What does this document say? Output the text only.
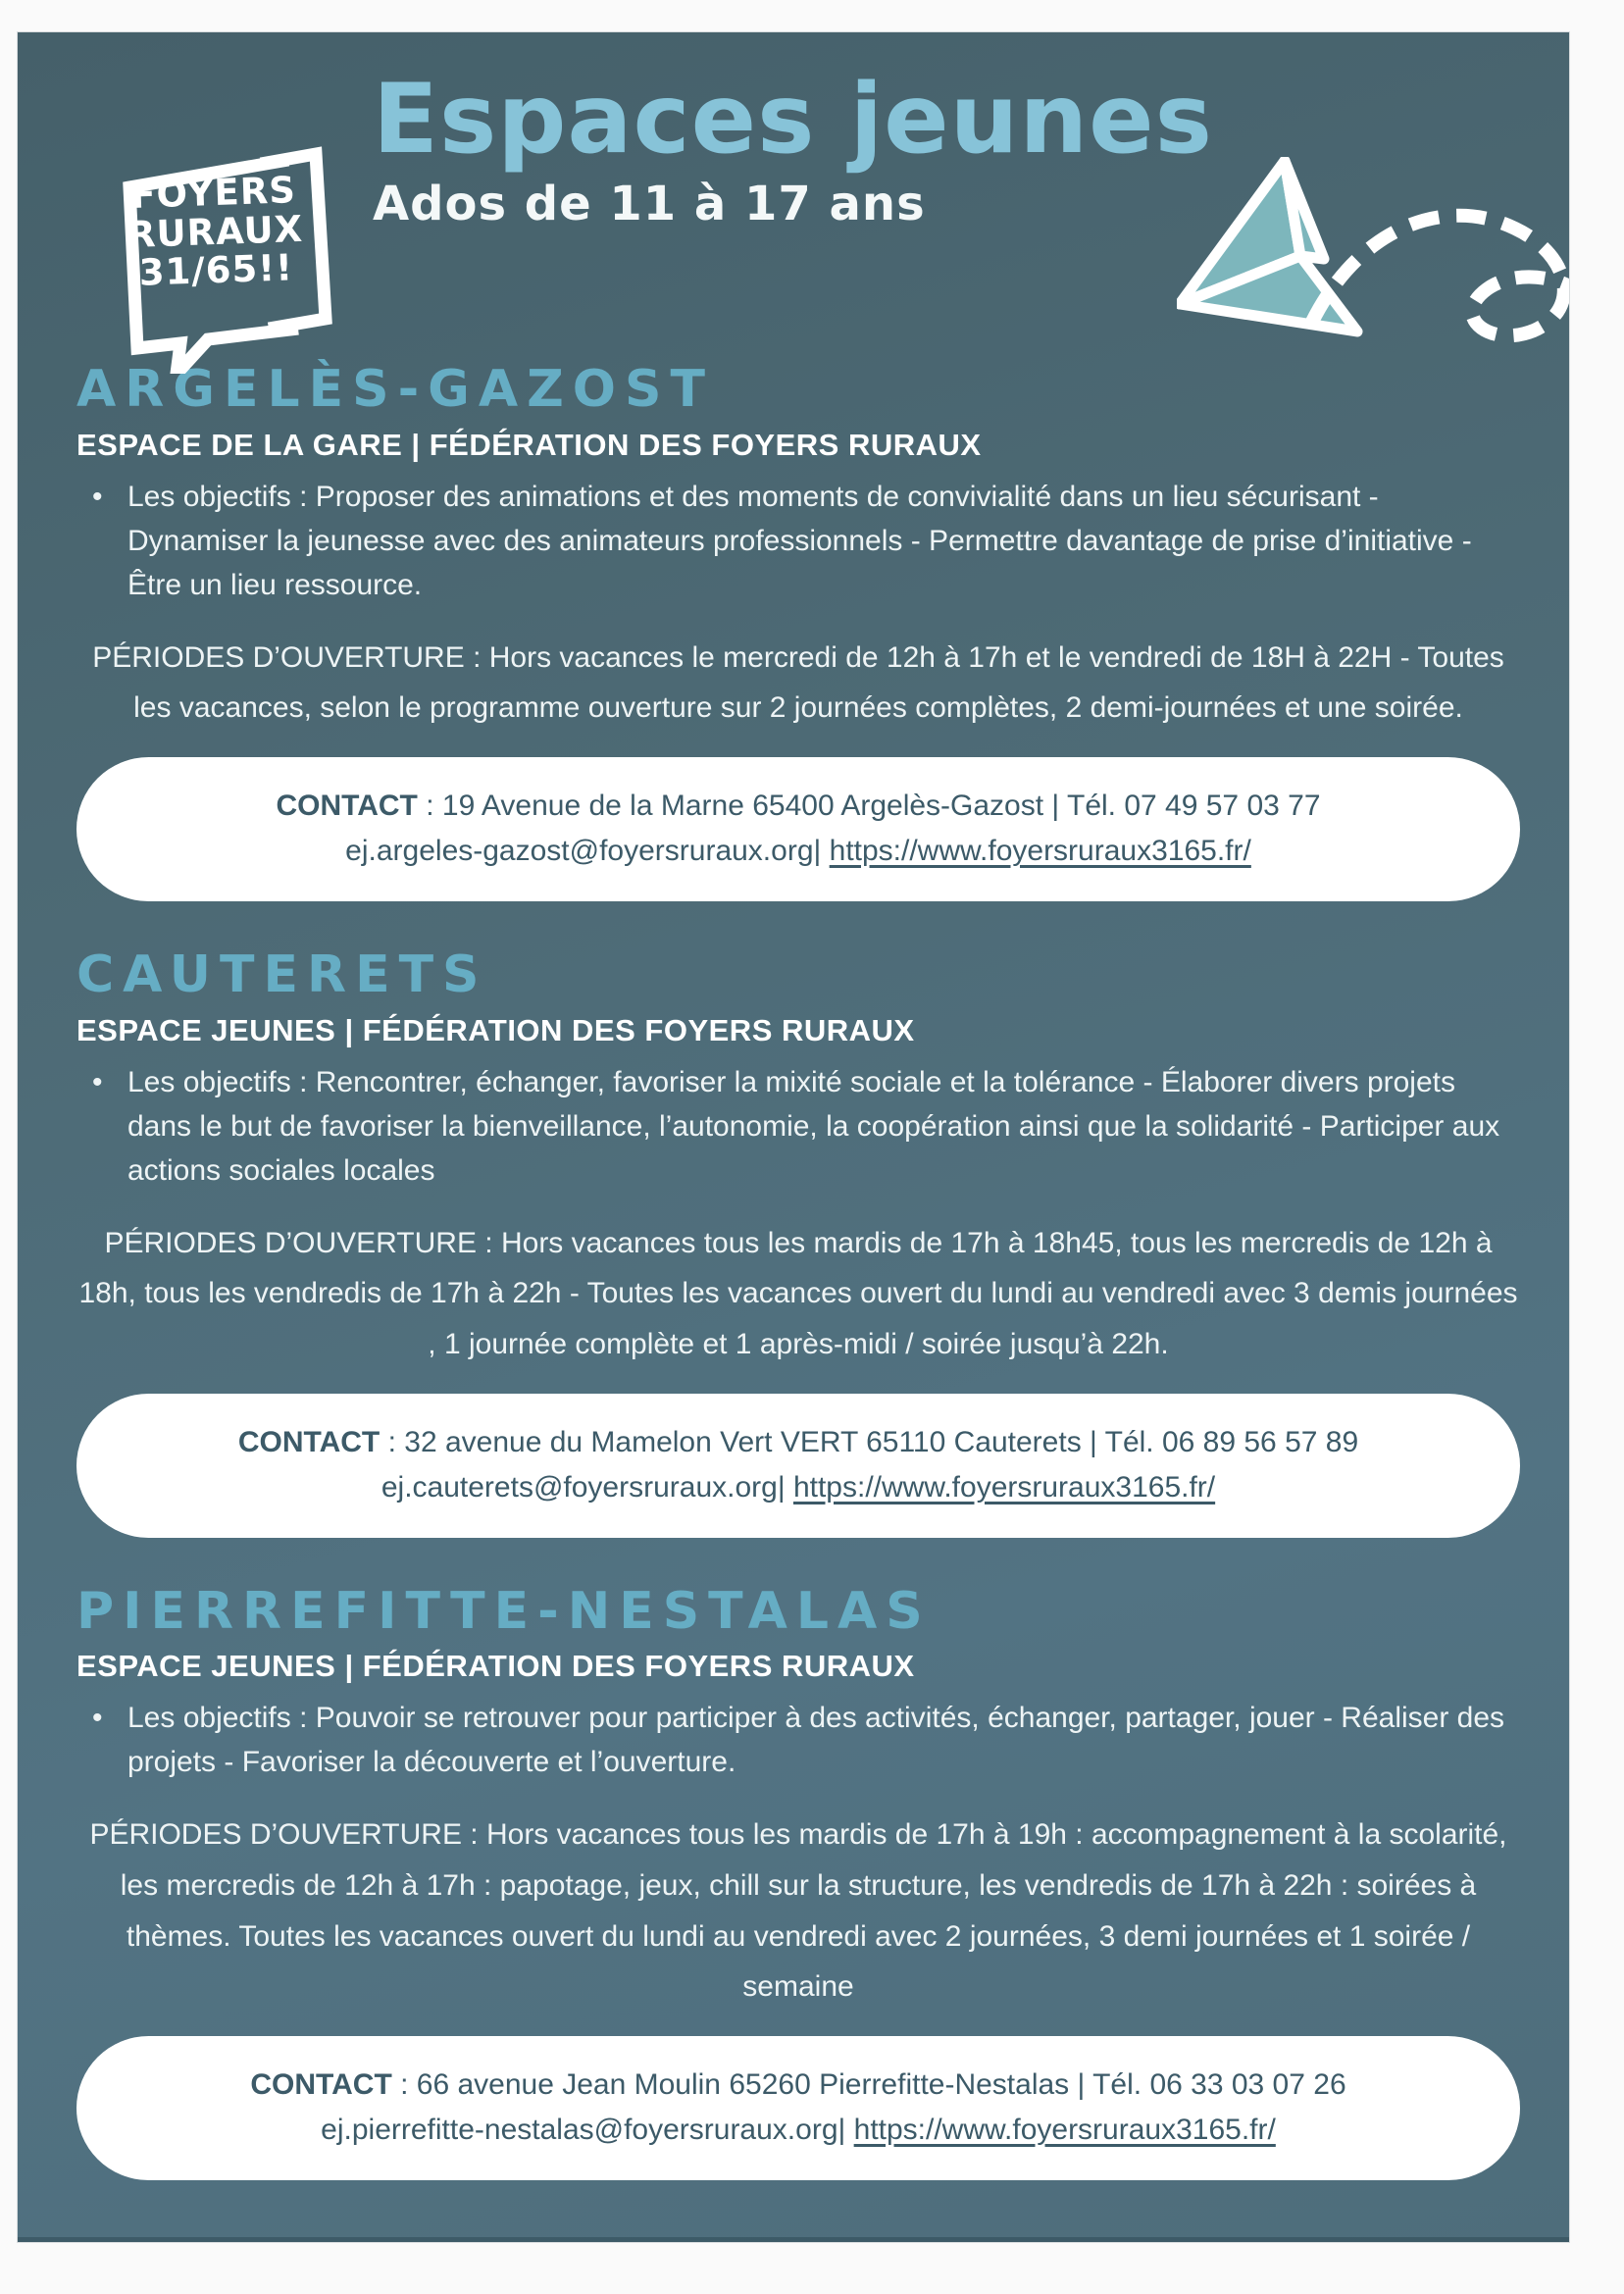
FOYERS
RURAUX
31/65!!
Espaces jeunes
Ados de 11 à 17 ans
ARGELÈS-GAZOST
ESPACE DE LA GARE | FÉDÉRATION DES FOYERS RURAUX
• Les objectifs : Proposer des animations et des moments de convivialité dans un lieu sécurisant - Dynamiser la jeunesse avec des animateurs professionnels - Permettre davantage de prise d’initiative - Être un lieu ressource.

PÉRIODES D’OUVERTURE : Hors vacances le mercredi de 12h à 17h et le vendredi de 18H à 22H - Toutes les vacances, selon le programme ouverture sur 2 journées complètes, 2 demi-journées et une soirée.

CONTACT : 19 Avenue de la Marne 65400 Argelès-Gazost | Tél. 07 49 57 03 77
ej.argeles-gazost@foyersruraux.org| https://www.foyersruraux3165.fr/
CAUTERETS
ESPACE JEUNES | FÉDÉRATION DES FOYERS RURAUX
• Les objectifs : Rencontrer, échanger, favoriser la mixité sociale et la tolérance - Élaborer divers projets dans le but de favoriser la bienveillance, l’autonomie, la coopération ainsi que la solidarité - Participer aux actions sociales locales

PÉRIODES D’OUVERTURE : Hors vacances tous les mardis de 17h à 18h45, tous les mercredis de 12h à 18h, tous les vendredis de 17h à 22h - Toutes les vacances ouvert du lundi au vendredi avec 3 demis journées , 1 journée complète et 1 après-midi / soirée jusqu’à 22h.

CONTACT : 32 avenue du Mamelon Vert VERT 65110 Cauterets | Tél. 06 89 56 57 89
ej.cauterets@foyersruraux.org| https://www.foyersruraux3165.fr/
PIERREFITTE-NESTALAS
ESPACE JEUNES | FÉDÉRATION DES FOYERS RURAUX
• Les objectifs : Pouvoir se retrouver pour participer à des activités, échanger, partager, jouer - Réaliser des projets - Favoriser la découverte et l’ouverture.

PÉRIODES D’OUVERTURE : Hors vacances tous les mardis de 17h à 19h : accompagnement à la scolarité, les mercredis de 12h à 17h : papotage, jeux, chill sur la structure, les vendredis de 17h à 22h : soirées à thèmes. Toutes les vacances ouvert du lundi au vendredi avec 2 journées, 3 demi journées et 1 soirée / semaine

CONTACT : 66 avenue Jean Moulin 65260 Pierrefitte-Nestalas | Tél. 06 33 03 07 26
ej.pierrefitte-nestalas@foyersruraux.org| https://www.foyersruraux3165.fr/
